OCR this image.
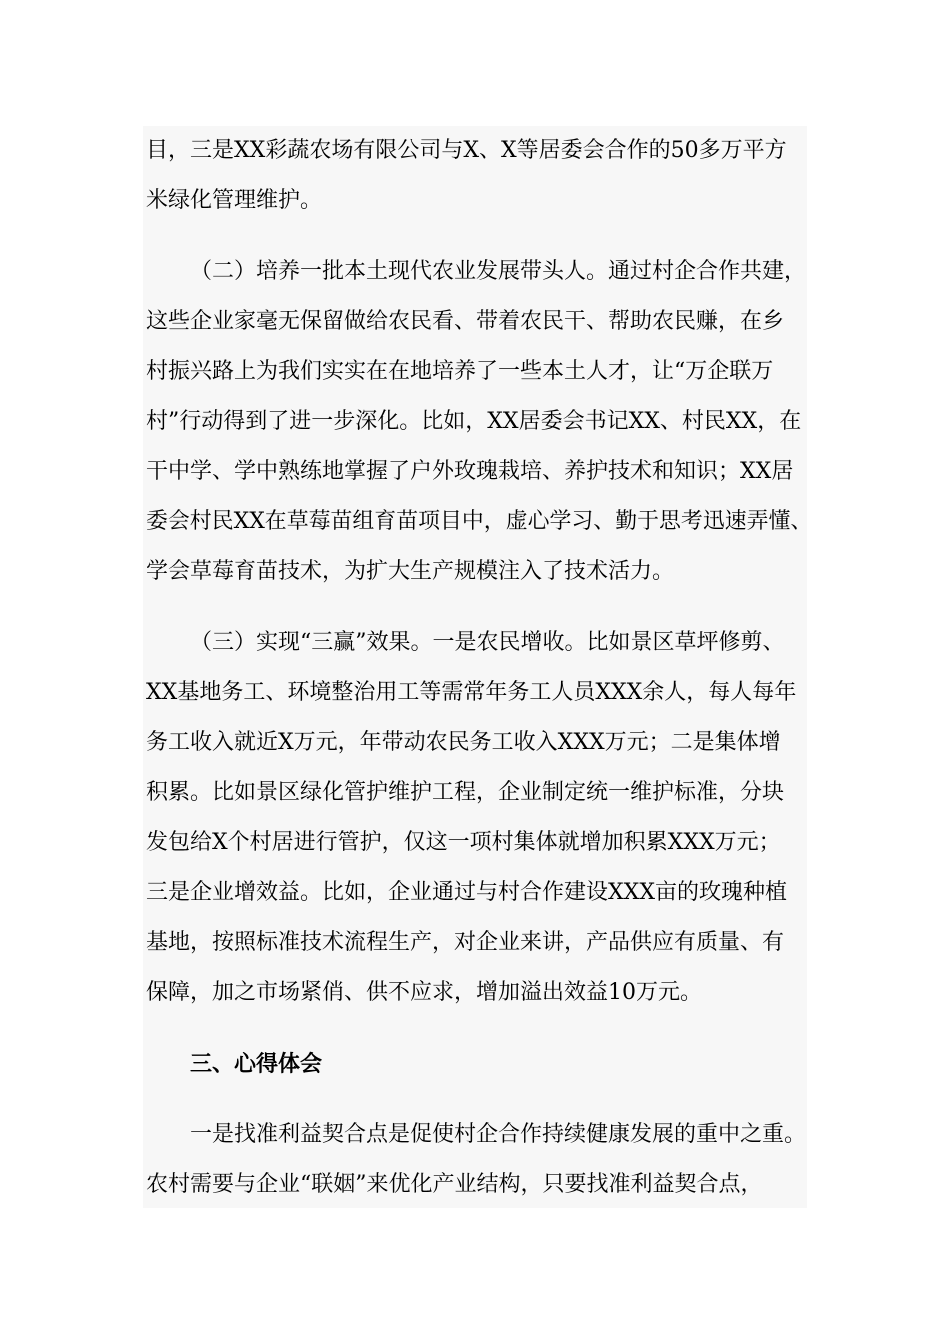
目，三是XX彩蔬农场有限公司与X、X等居委会合作的50多万平方
米绿化管理维护。
（二）培养一批本土现代农业发展带头人。通过村企合作共建，
这些企业家毫无保留做给农民看、带着农民干、帮助农民赚，在乡
村振兴路上为我们实实在在地培养了一些本土人才，让“万企联万
村”行动得到了进一步深化。比如，XX居委会书记XX、村民XX，在
干中学、学中熟练地掌握了户外玫瑰栽培、养护技术和知识；XX居
委会村民XX在草莓苗组育苗项目中，虚心学习、勤于思考迅速弄懂、
学会草莓育苗技术，为扩大生产规模注入了技术活力。
（三）实现“三赢”效果。一是农民增收。比如景区草坪修剪、
XX基地务工、环境整治用工等需常年务工人员XXX余人，每人每年
务工收入就近X万元，年带动农民务工收入XXX万元；二是集体增
积累。比如景区绿化管护维护工程，企业制定统一维护标准，分块
发包给X个村居进行管护，仅这一项村集体就增加积累XXX万元；
三是企业增效益。比如，企业通过与村合作建设XXX亩的玫瑰种植
基地，按照标准技术流程生产，对企业来讲，产品供应有质量、有
保障，加之市场紧俏、供不应求，增加溢出效益10万元。
三、心得体会
一是找准利益契合点是促使村企合作持续健康发展的重中之重。
农村需要与企业“联姻”来优化产业结构，只要找准利益契合点，
